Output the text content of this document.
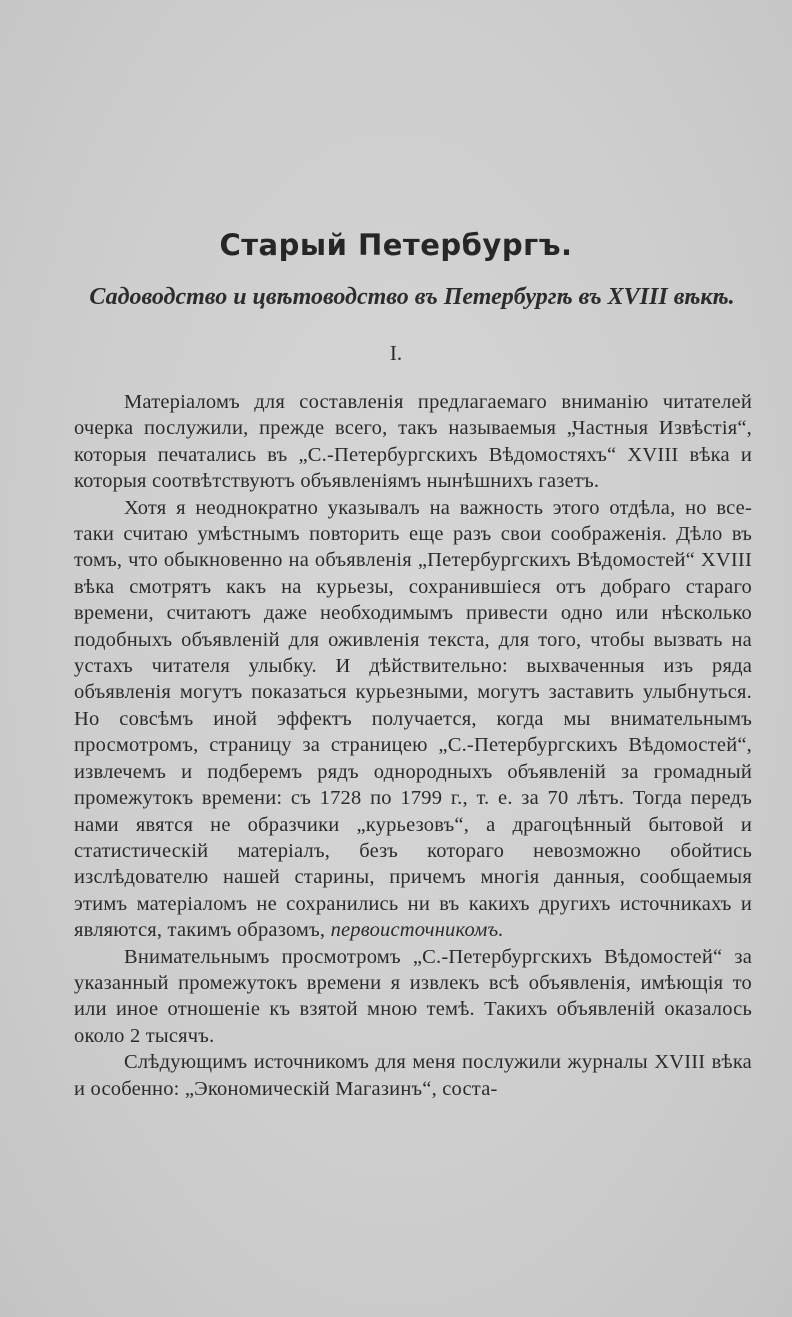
Старый Петербургъ.
Садоводство и цвѣтоводство въ Петербургѣ въ XVIII вѣкѣ.
I.

Матеріаломъ для составленія предлагаемаго вниманію читателей очерка послужили, прежде всего, такъ называемыя „Частныя Извѣстія“, которыя печатались въ „С.-Петербургскихъ Вѣдомостяхъ“ XVIII вѣка и которыя соотвѣтствуютъ объявленіямъ нынѣшнихъ газетъ.

Хотя я неоднократно указывалъ на важность этого отдѣла, но все-таки считаю умѣстнымъ повторить еще разъ свои соображенія. Дѣло въ томъ, что обыкновенно на объявленія „Петербургскихъ Вѣдомостей“ XVIII вѣка смотрятъ какъ на курьезы, сохранившіеся отъ добраго стараго времени, считаютъ даже необходимымъ привести одно или нѣсколько подобныхъ объявленій для оживленія текста, для того, чтобы вызвать на устахъ читателя улыбку. И дѣйствительно: выхваченныя изъ ряда объявленія могутъ показаться курьезными, могутъ заставить улыбнуться. Но совсѣмъ иной эффектъ получается, когда мы внимательнымъ просмотромъ, страницу за страницею „С.-Петербургскихъ Вѣдомостей“, извлечемъ и подберемъ рядъ однородныхъ объявленій за громадный промежутокъ времени: съ 1728 по 1799 г., т. е. за 70 лѣтъ. Тогда передъ нами явятся не образчики „курьезовъ“, а драгоцѣнный бытовой и статистическій матеріалъ, безъ котораго невозможно обойтись изслѣдователю нашей старины, причемъ многія данныя, сообщаемыя этимъ матеріаломъ не сохранились ни въ какихъ другихъ источникахъ и являются, такимъ образомъ, первоисточникомъ.

Внимательнымъ просмотромъ „С.-Петербургскихъ Вѣдомостей“ за указанный промежутокъ времени я извлекъ всѣ объявленія, имѣющія то или иное отношеніе къ взятой мною темѣ. Такихъ объявленій оказалось около 2 тысячъ.

Слѣдующимъ источникомъ для меня послужили журналы XVIII вѣка и особенно: „Экономическій Магазинъ“, соста-
